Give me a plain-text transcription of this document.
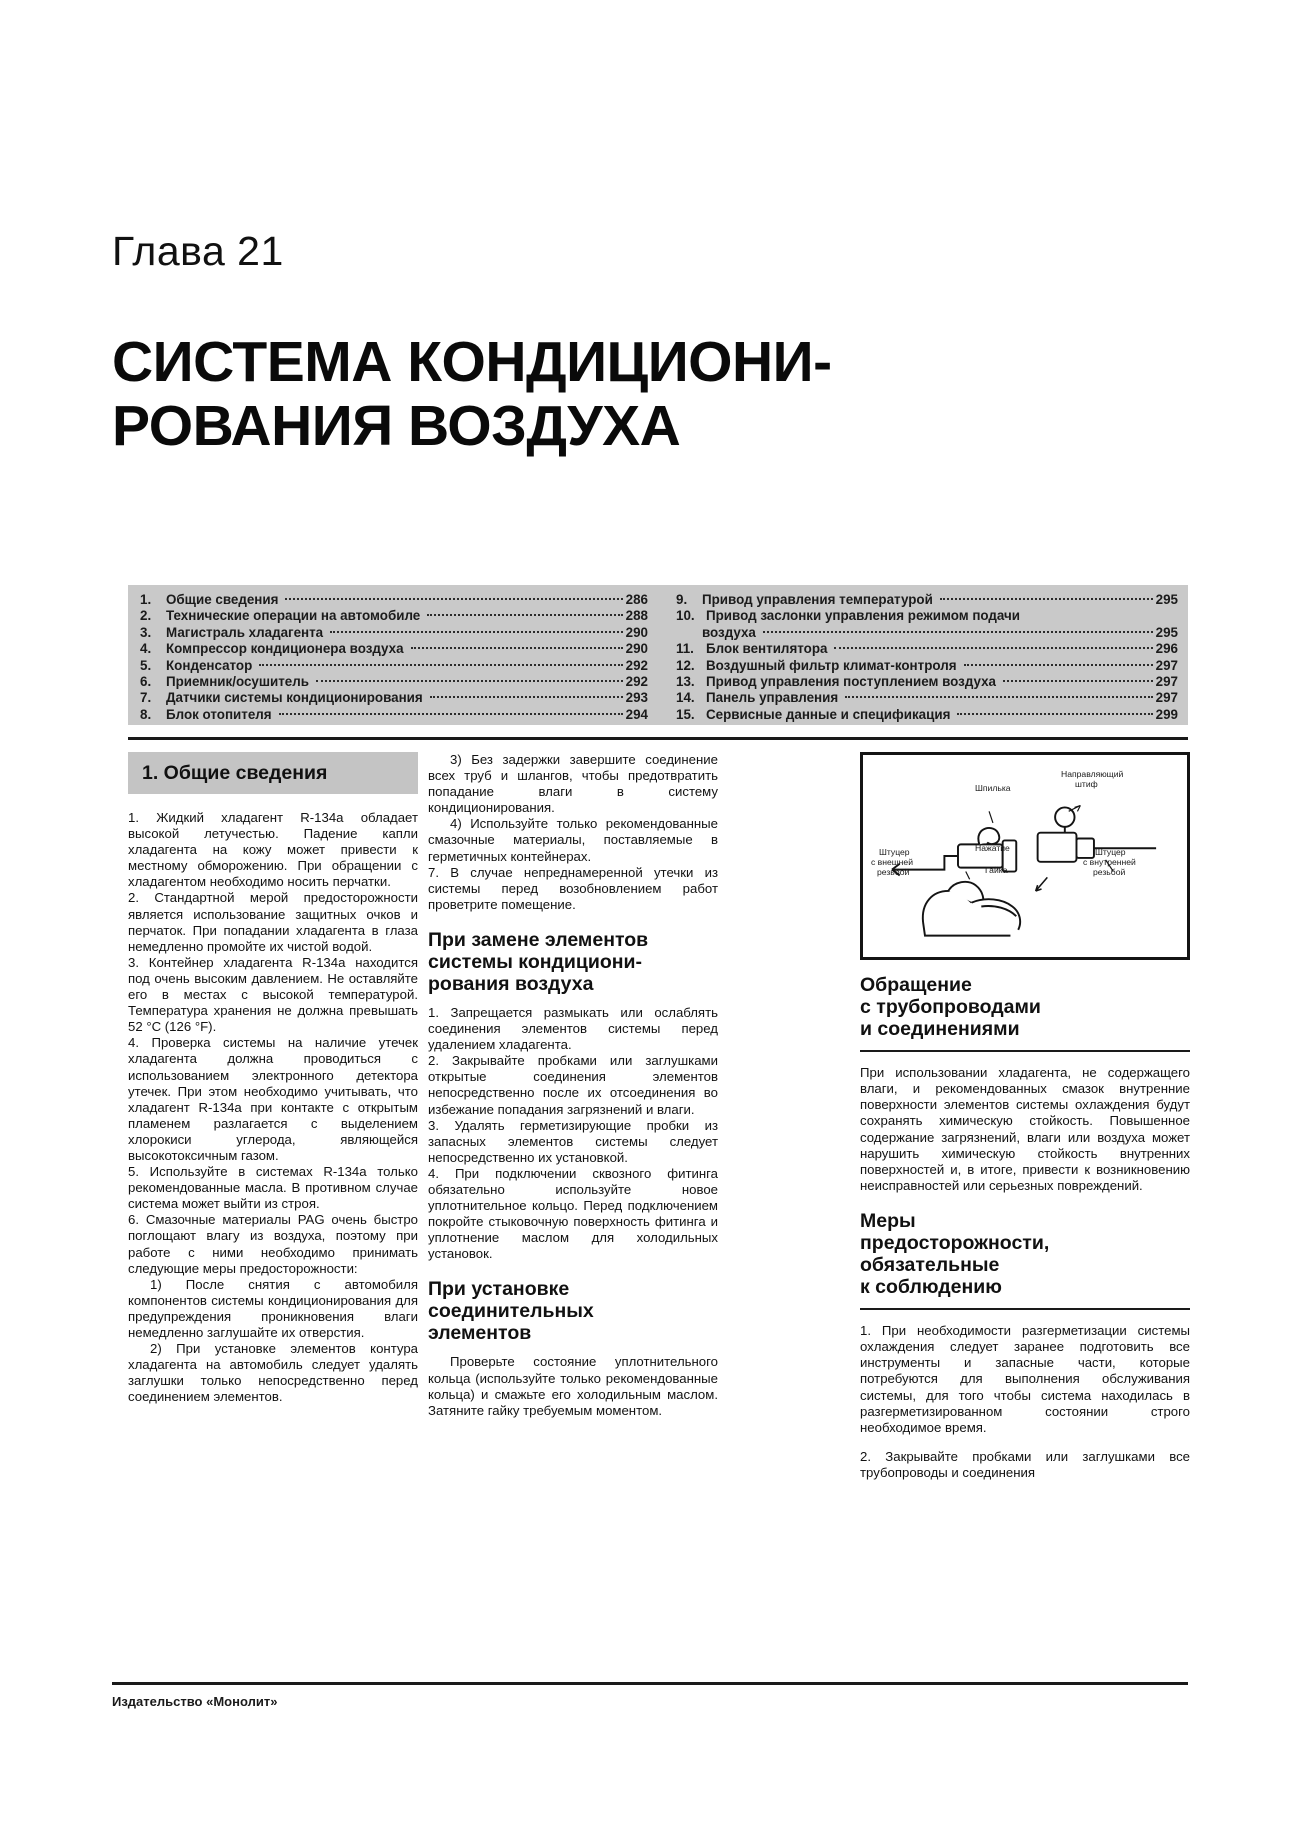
Глава 21
СИСТЕМА КОНДИЦИОНИ-
РОВАНИЯ ВОЗДУХА
1.	Общие сведения	286
2.	Технические операции на автомобиле	288
3.	Магистраль хладагента	290
4.	Компрессор кондиционера воздуха	290
5.	Конденсатор	292
6.	Приемник/осушитель	292
7.	Датчики системы кондиционирования	293
8.	Блок отопителя	294
9.	Привод управления температурой	295
10. Привод заслонки управления режимом подачи
воздуха	295
11. Блок вентилятора	296
12. Воздушный фильтр климат-контроля	297
13. Привод управления поступлением воздуха	297
14. Панель управления	297
15. Сервисные данные и спецификация	299
1. Общие сведения

1. Жидкий хладагент R-134а обладает высокой летучестью. Падение капли хладагента на кожу может привести к местному обморожению. При обращении с хладагентом необходимо носить перчатки.

2. Стандартной мерой предосторожности является использование защитных очков и перчаток. При попадании хладагента в глаза немедленно промойте их чистой водой.

3. Контейнер хладагента R-134а находится под очень высоким давлением. Не оставляйте его в местах с высокой температурой. Температура хранения не должна превышать 52 °C (126 °F).

4. Проверка системы на наличие утечек хладагента должна проводиться с использованием электронного детектора утечек. При этом необходимо учитывать, что хладагент R-134а при контакте с открытым пламенем разлагается с выделением хлорокиси углерода, являющейся высокотоксичным газом.

5. Используйте в системах R-134а только рекомендованные масла. В противном случае система может выйти из строя.

6. Смазочные материалы PAG очень быстро поглощают влагу из воздуха, поэтому при работе с ними необходимо принимать следующие меры предосторожности:

1) После снятия с автомобиля компонентов системы кондиционирования для предупреждения проникновения влаги немедленно заглушайте их отверстия.

2) При установке элементов контура хладагента на автомобиль следует удалять заглушки только непосредственно перед соединением элементов.

3) Без задержки завершите соединение всех труб и шлангов, чтобы предотвратить попадание влаги в систему кондиционирования.

4) Используйте только рекомендованные смазочные материалы, поставляемые в герметичных контейнерах.

7. В случае непреднамеренной утечки из системы перед возобновлением работ проветрите помещение.

При замене элементов
системы кондициони-
рования воздуха

1. Запрещается размыкать или ослаблять соединения элементов системы перед удалением хладагента.

2. Закрывайте пробками или заглушками открытые соединения элементов непосредственно после их отсоединения во избежание попадания загрязнений и влаги.

3. Удалять герметизирующие пробки из запасных элементов системы следует непосредственно их установкой.

4. При подключении сквозного фитинга обязательно используйте новое уплотнительное кольцо. Перед подключением покройте стыковочную поверхность фитинга и уплотнение маслом для холодильных установок.

При установке
соединительных
элементов

Проверьте состояние уплотнительного кольца (используйте только рекомендованные кольца) и смажьте его холодильным маслом. Затяните гайку требуемым моментом.

Шпилька
Направляющий
штиф
Штуцер
с внешней
резьбой
Нажатие
Гайка
Штуцер
с внутренней
резьбой
Обращение
с трубопроводами
и соединениями

При использовании хладагента, не содержащего влаги, и рекомендованных смазок внутренние поверхности элементов системы охлаждения будут сохранять химическую стойкость. Повышенное содержание загрязнений, влаги или воздуха может нарушить химическую стойкость внутренних поверхностей и, в итоге, привести к возникновению неисправностей или серьезных повреждений.

Меры
предосторожности,
обязательные
к соблюдению

1. При необходимости разгерметизации системы охлаждения следует заранее подготовить все инструменты и запасные части, которые потребуются для выполнения обслуживания системы, для того чтобы система находилась в разгерметизированном состоянии строго необходимое время.

2. Закрывайте пробками или заглушками все трубопроводы и соединения

Издательство «Монолит»
